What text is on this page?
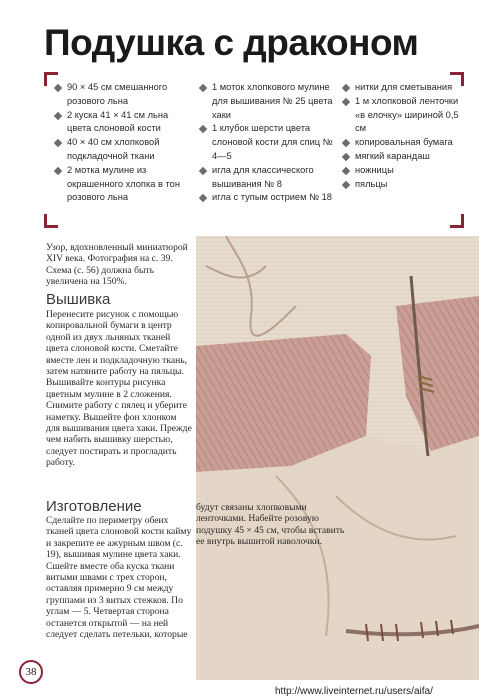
Подушка с драконом
90 × 45 см смешанного розового льна
2 куска 41 × 41 см льна цвета слоновой кости
40 × 40 см хлопковой подкладочной ткани
2 мотка мулине из окрашенного хлопка в тон розового льна
1 моток хлопкового мулине для вышивания № 25 цвета хаки
1 клубок шерсти цвета слоновой кости для спиц № 4—5
игла для классического вышивания № 8
игла с тупым острием № 18
нитки для сметывания
1 м хлопковой ленточки «в елочку» шириной 0,5 см
копировальная бумага
мягкий карандаш
ножницы
пяльцы
Узор, вдохновленный миниатюрой XIV века. Фотография на с. 39. Схема (с. 56) должна быть увеличена на 150%.
Вышивка
Перенесите рисунок с помощью копировальной бумаги в центр одной из двух льняных тканей цвета слоновой кости. Сметайте вместе лен и подкладочную ткань, затем натяните работу на пяльцы. Вышивайте контуры рисунка цветным мулине в 2 сложения. Снимите работу с пялец и уберите наметку. Вышейте фон хлонком для вышивания цвета хаки. Прежде чем набить вышивку шерстью, следует постирать и прогладить работу.
Изготовление
Сделайте по периметру обеих тканей цвета слоновой кости кайму и закрепите ее ажурным швом (с. 19), вышивая мулине цвета хаки. Сшейте вместе оба куска ткани витыми швами с трех сторон, оставляя примерно 9 см между группами из 3 витых стежков. По углам — 5. Четвертая сторона останется открытой — на ней следует сделать петельки, которые
будут связаны хлопковыми ленточками. Набейте розовую подушку 45 × 45 см, чтобы вставить ее внутрь вышитой наволочки.
38
http://www.liveinternet.ru/users/aifa/
